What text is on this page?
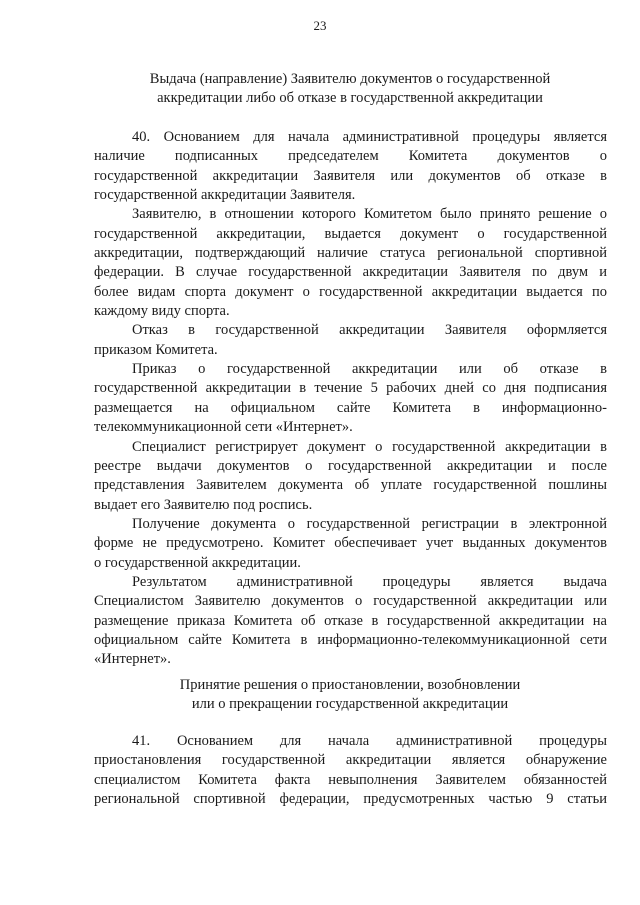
23
Выдача (направление) Заявителю документов о государственной
аккредитации либо об отказе в государственной аккредитации

40. Основанием для начала административной процедуры является

наличие подписанных председателем Комитета документов о

государственной аккредитации Заявителя или документов об отказе в

государственной аккредитации Заявителя.

Заявителю, в отношении которого Комитетом было принято решение о

государственной аккредитации, выдается документ о государственной

аккредитации, подтверждающий наличие статуса региональной спортивной

федерации. В случае государственной аккредитации Заявителя по двум и

более видам спорта документ о государственной аккредитации выдается по

каждому виду спорта.

Отказ в государственной аккредитации Заявителя оформляется

приказом Комитета.

Приказ о государственной аккредитации или об отказе в

государственной аккредитации в течение 5 рабочих дней со дня подписания

размещается на официальном сайте Комитета в информационно-

телекоммуникационной сети «Интернет».

Специалист регистрирует документ о государственной аккредитации в

реестре выдачи документов о государственной аккредитации и после

представления Заявителем документа об уплате государственной пошлины

выдает его Заявителю под роспись.

Получение документа о государственной регистрации в электронной

форме не предусмотрено. Комитет обеспечивает учет выданных документов

о государственной аккредитации.

Результатом административной процедуры является выдача

Специалистом Заявителю документов о государственной аккредитации или

размещение приказа Комитета об отказе в государственной аккредитации на

официальном сайте Комитета в информационно-телекоммуникационной сети

«Интернет».

Принятие решения о приостановлении, возобновлении
или о прекращении государственной аккредитации

41. Основанием для начала административной процедуры

приостановления государственной аккредитации является обнаружение

специалистом Комитета факта невыполнения Заявителем обязанностей

региональной спортивной федерации, предусмотренных частью 9 статьи
